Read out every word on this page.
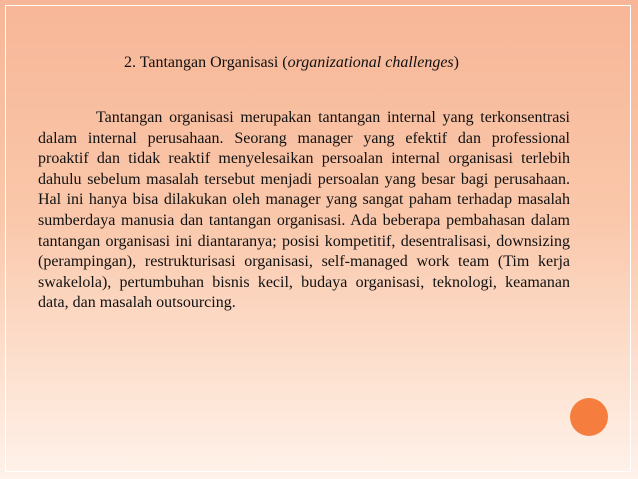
2. Tantangan Organisasi (organizational challenges)

Tantangan organisasi merupakan tantangan internal yang terkonsentrasi dalam internal perusahaan. Seorang manager yang efektif dan professional proaktif dan tidak reaktif menyelesaikan persoalan internal organisasi terlebih dahulu sebelum masalah tersebut menjadi persoalan yang besar bagi perusahaan. Hal ini hanya bisa dilakukan oleh manager yang sangat paham terhadap masalah sumberdaya manusia dan tantangan organisasi. Ada beberapa pembahasan dalam tantangan organisasi ini diantaranya; posisi kompetitif, desentralisasi, downsizing (perampingan), restrukturisasi organisasi, self-managed work team (Tim kerja swakelola), pertumbuhan bisnis kecil, budaya organisasi, teknologi, keamanan data, dan masalah outsourcing.
